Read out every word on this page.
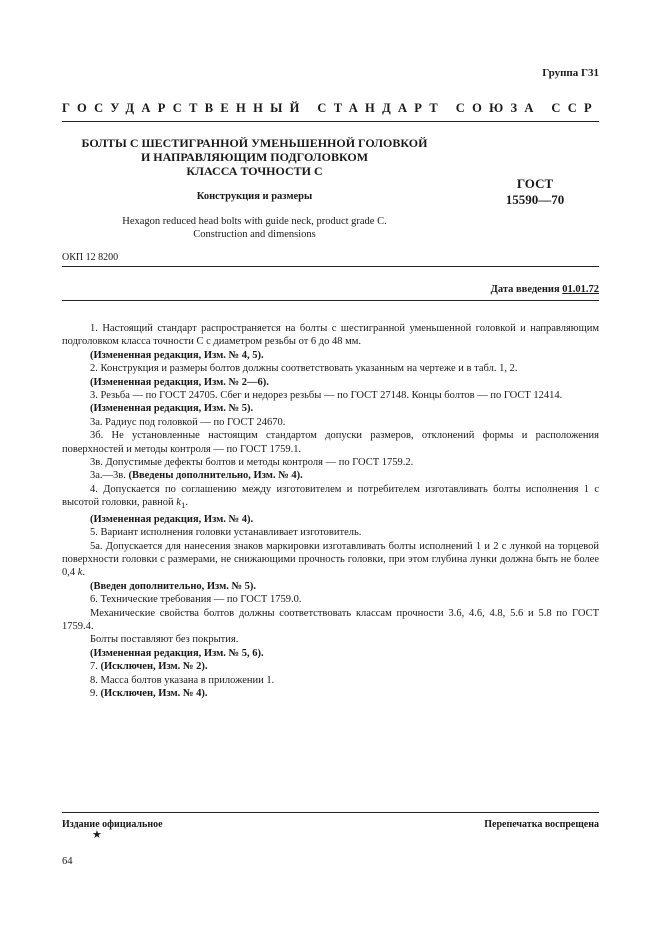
Группа Г31
ГОСУДАРСТВЕННЫЙ СТАНДАРТ СОЮЗА ССР
БОЛТЫ С ШЕСТИГРАННОЙ УМЕНЬШЕННОЙ ГОЛОВКОЙ
И НАПРАВЛЯЮЩИМ ПОДГОЛОВКОМ
КЛАССА ТОЧНОСТИ С
Конструкция и размеры
ГОСТ
15590—70
Hexagon reduced head bolts with guide neck, product grade C.
Construction and dimensions
ОКП 12 8200
Дата введения 01.01.72

1. Настоящий стандарт распространяется на болты с шестигранной уменьшенной головкой и направляющим подголовком класса точности С с диаметром резьбы от 6 до 48 мм.

(Измененная редакция, Изм. № 4, 5).

2. Конструкция и размеры болтов должны соответствовать указанным на чертеже и в табл. 1, 2.

(Измененная редакция, Изм. № 2—6).

3. Резьба — по ГОСТ 24705. Сбег и недорез резьбы — по ГОСТ 27148. Концы болтов — по ГОСТ 12414.

(Измененная редакция, Изм. № 5).

3а. Радиус под головкой — по ГОСТ 24670.

3б. Не установленные настоящим стандартом допуски размеров, отклонений формы и расположения поверхностей и методы контроля — по ГОСТ 1759.1.

3в. Допустимые дефекты болтов и методы контроля — по ГОСТ 1759.2.

3а.—3в. (Введены дополнительно, Изм. № 4).

4. Допускается по соглашению между изготовителем и потребителем изготавливать болты исполнения 1 с высотой головки, равной $k_1$.

(Измененная редакция, Изм. № 4).

5. Вариант исполнения головки устанавливает изготовитель.

5а. Допускается для нанесения знаков маркировки изготавливать болты исполнений 1 и 2 с лункой на торцевой поверхности головки с размерами, не снижающими прочность головки, при этом глубина лунки должна быть не более 0,4 k.

(Введен дополнительно, Изм. № 5).

6. Технические требования — по ГОСТ 1759.0.

Механические свойства болтов должны соответствовать классам прочности 3.6, 4.6, 4.8, 5.6 и 5.8 по ГОСТ 1759.4.

Болты поставляют без покрытия.

(Измененная редакция, Изм. № 5, 6).

7. (Исключен, Изм. № 2).

8. Масса болтов указана в приложении 1.

9. (Исключен, Изм. № 4).

Издание официальное
★
Перепечатка воспрещена
64
